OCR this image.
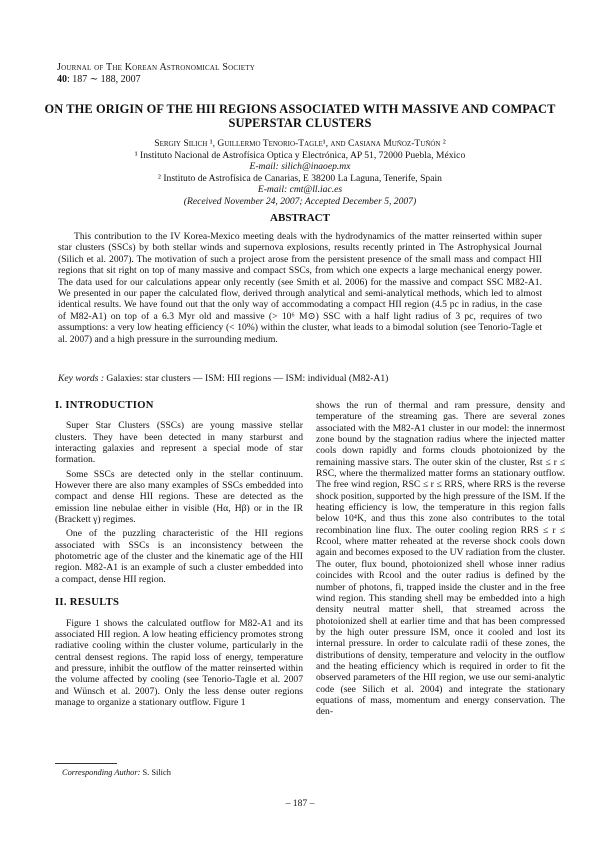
Journal of The Korean Astronomical Society
40: 187 ∼ 188, 2007
ON THE ORIGIN OF THE HII REGIONS ASSOCIATED WITH MASSIVE AND COMPACT SUPERSTAR CLUSTERS
Sergiy Silich ¹, Guillermo Tenorio-Tagle¹, and Casiana Muñoz-Tuñón ²
¹ Instituto Nacional de Astrofísica Optica y Electrónica, AP 51, 72000 Puebla, México
E-mail: silich@inaoep.mx
² Instituto de Astrofísica de Canarias, E 38200 La Laguna, Tenerife, Spain
E-mail: cmt@ll.iac.es
(Received November 24, 2007; Accepted December 5, 2007)
ABSTRACT
This contribution to the IV Korea-Mexico meeting deals with the hydrodynamics of the matter reinserted within super star clusters (SSCs) by both stellar winds and supernova explosions, results recently printed in The Astrophysical Journal (Silich et al. 2007). The motivation of such a project arose from the persistent presence of the small mass and compact HII regions that sit right on top of many massive and compact SSCs, from which one expects a large mechanical energy power. The data used for our calculations appear only recently (see Smith et al. 2006) for the massive and compact SSC M82-A1. We presented in our paper the calculated flow, derived through analytical and semi-analytical methods, which led to almost identical results. We have found out that the only way of accommodating a compact HII region (4.5 pc in radius, in the case of M82-A1) on top of a 6.3 Myr old and massive (> 10⁶ M⊙) SSC with a half light radius of 3 pc, requires of two assumptions: a very low heating efficiency (< 10%) within the cluster, what leads to a bimodal solution (see Tenorio-Tagle et al. 2007) and a high pressure in the surrounding medium.
Key words : Galaxies: star clusters — ISM: HII regions — ISM: individual (M82-A1)
I. INTRODUCTION

Super Star Clusters (SSCs) are young massive stellar clusters. They have been detected in many starburst and interacting galaxies and represent a special mode of star formation.

Some SSCs are detected only in the stellar continuum. However there are also many examples of SSCs embedded into compact and dense HII regions. These are detected as the emission line nebulae either in visible (Hα, Hβ) or in the IR (Brackett γ) regimes.

One of the puzzling characteristic of the HII regions associated with SSCs is an inconsistency between the photometric age of the cluster and the kinematic age of the HII region. M82-A1 is an example of such a cluster embedded into a compact, dense HII region.

II. RESULTS

Figure 1 shows the calculated outflow for M82-A1 and its associated HII region. A low heating efficiency promotes strong radiative cooling within the cluster volume, particularly in the central densest regions. The rapid loss of energy, temperature and pressure, inhibit the outflow of the matter reinserted within the volume affected by cooling (see Tenorio-Tagle et al. 2007 and Wünsch et al. 2007). Only the less dense outer regions manage to organize a stationary outflow. Figure 1

shows the run of thermal and ram pressure, density and temperature of the streaming gas. There are several zones associated with the M82-A1 cluster in our model: the innermost zone bound by the stagnation radius where the injected matter cools down rapidly and forms clouds photoionized by the remaining massive stars. The outer skin of the cluster, Rst ≤ r ≤ RSC, where the thermalized matter forms an stationary outflow. The free wind region, RSC ≤ r ≤ RRS, where RRS is the reverse shock position, supported by the high pressure of the ISM. If the heating efficiency is low, the temperature in this region falls below 10⁴K, and thus this zone also contributes to the total recombination line flux. The outer cooling region RRS ≤ r ≤ Rcool, where matter reheated at the reverse shock cools down again and becomes exposed to the UV radiation from the cluster. The outer, flux bound, photoionized shell whose inner radius coincides with Rcool and the outer radius is defined by the number of photons, fi, trapped inside the cluster and in the free wind region. This standing shell may be embedded into a high density neutral matter shell, that streamed across the photoionized shell at earlier time and that has been compressed by the high outer pressure ISM, once it cooled and lost its internal pressure. In order to calculate radii of these zones, the distributions of density, temperature and velocity in the outflow and the heating efficiency which is required in order to fit the observed parameters of the HII region, we use our semi-analytic code (see Silich et al. 2004) and integrate the stationary equations of mass, momentum and energy conservation. The den-

Corresponding Author: S. Silich
– 187 –
